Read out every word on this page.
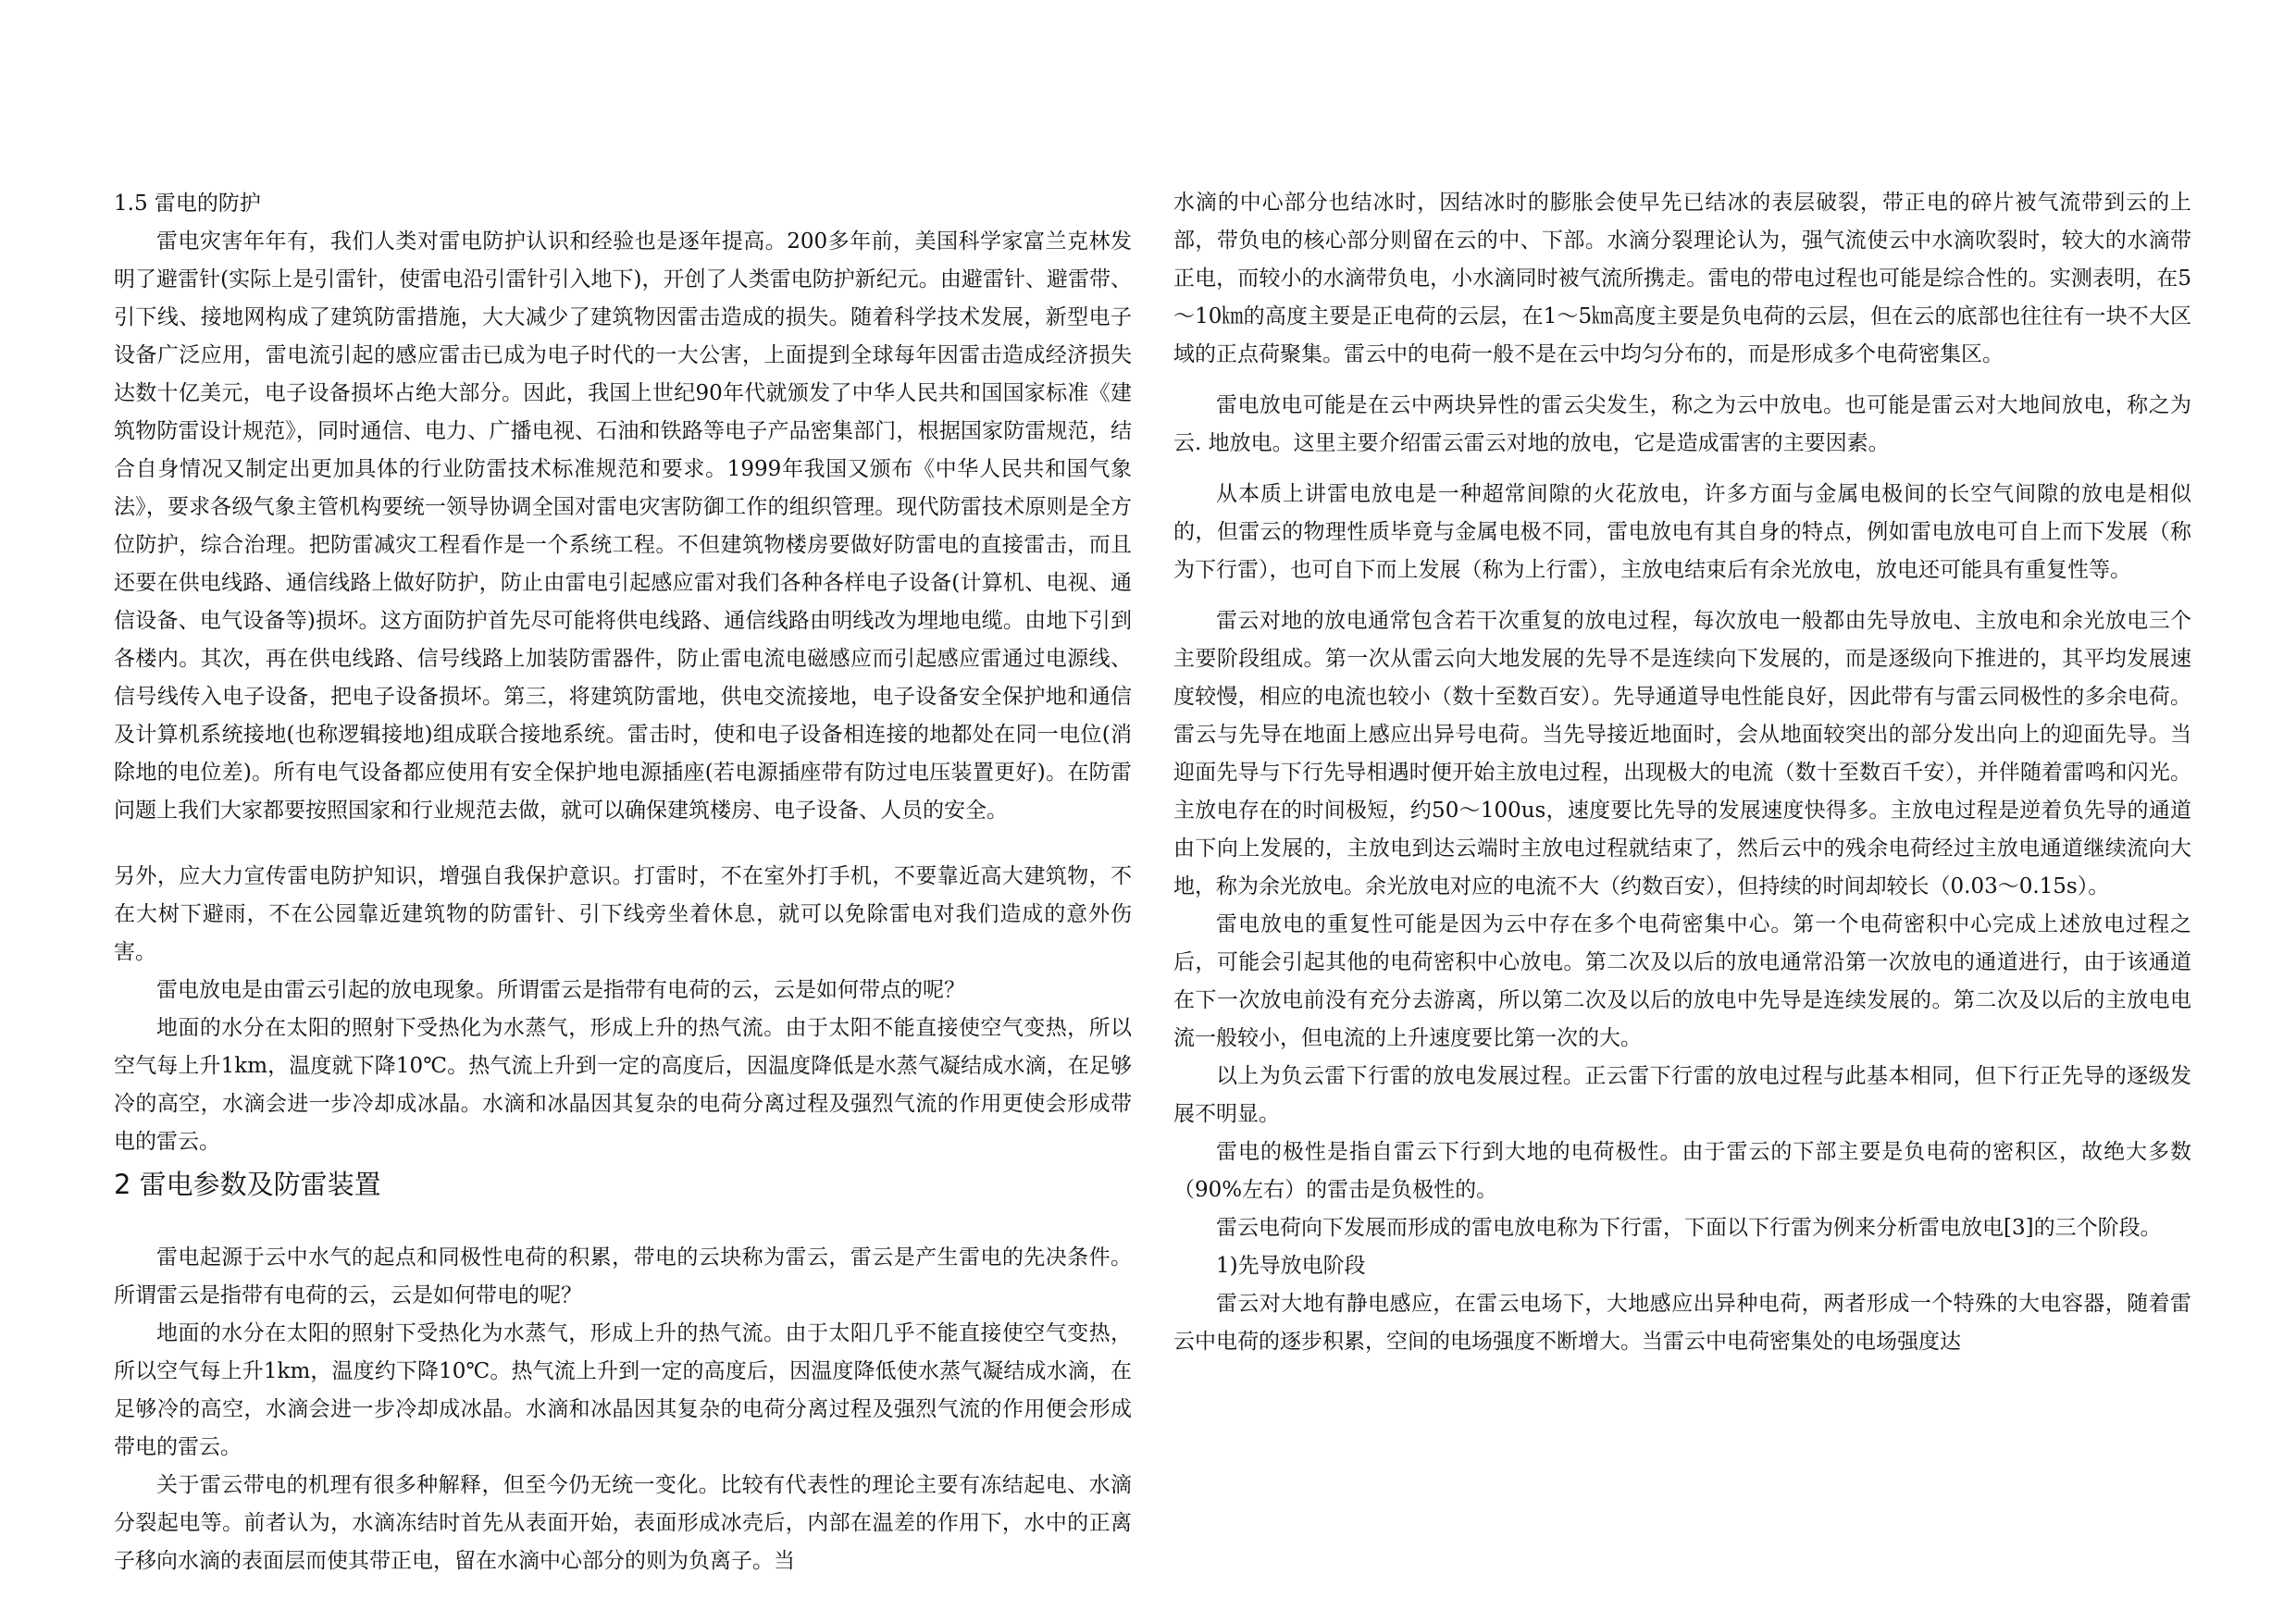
1.5 雷电的防护

雷电灾害年年有，我们人类对雷电防护认识和经验也是逐年提高。200多年前，美国科学家富兰克林发明了避雷针(实际上是引雷针，使雷电沿引雷针引入地下)，开创了人类雷电防护新纪元。由避雷针、避雷带、引下线、接地网构成了建筑防雷措施，大大减少了建筑物因雷击造成的损失。随着科学技术发展，新型电子设备广泛应用，雷电流引起的感应雷击已成为电子时代的一大公害，上面提到全球每年因雷击造成经济损失达数十亿美元，电子设备损坏占绝大部分。因此，我国上世纪90年代就颁发了中华人民共和国国家标准《建筑物防雷设计规范》，同时通信、电力、广播电视、石油和铁路等电子产品密集部门，根据国家防雷规范，结合自身情况又制定出更加具体的行业防雷技术标准规范和要求。1999年我国又颁布《中华人民共和国气象法》，要求各级气象主管机构要统一领导协调全国对雷电灾害防御工作的组织管理。现代防雷技术原则是全方位防护，综合治理。把防雷减灾工程看作是一个系统工程。不但建筑物楼房要做好防雷电的直接雷击，而且还要在供电线路、通信线路上做好防护，防止由雷电引起感应雷对我们各种各样电子设备(计算机、电视、通信设备、电气设备等)损坏。这方面防护首先尽可能将供电线路、通信线路由明线改为埋地电缆。由地下引到各楼内。其次，再在供电线路、信号线路上加装防雷器件，防止雷电流电磁感应而引起感应雷通过电源线、信号线传入电子设备，把电子设备损坏。第三，将建筑防雷地，供电交流接地，电子设备安全保护地和通信及计算机系统接地(也称逻辑接地)组成联合接地系统。雷击时，使和电子设备相连接的地都处在同一电位(消除地的电位差)。所有电气设备都应使用有安全保护地电源插座(若电源插座带有防过电压装置更好)。在防雷问题上我们大家都要按照国家和行业规范去做，就可以确保建筑楼房、电子设备、人员的安全。

另外，应大力宣传雷电防护知识，增强自我保护意识。打雷时，不在室外打手机，不要靠近高大建筑物，不在大树下避雨，不在公园靠近建筑物的防雷针、引下线旁坐着休息，就可以免除雷电对我们造成的意外伤害。

雷电放电是由雷云引起的放电现象。所谓雷云是指带有电荷的云，云是如何带点的呢？

地面的水分在太阳的照射下受热化为水蒸气，形成上升的热气流。由于太阳不能直接使空气变热，所以空气每上升1km，温度就下降10℃。热气流上升到一定的高度后，因温度降低是水蒸气凝结成水滴，在足够冷的高空，水滴会进一步冷却成冰晶。水滴和冰晶因其复杂的电荷分离过程及强烈气流的作用更使会形成带电的雷云。

2 雷电参数及防雷装置

雷电起源于云中水气的起点和同极性电荷的积累，带电的云块称为雷云，雷云是产生雷电的先决条件。所谓雷云是指带有电荷的云，云是如何带电的呢？

地面的水分在太阳的照射下受热化为水蒸气，形成上升的热气流。由于太阳几乎不能直接使空气变热，所以空气每上升1km，温度约下降10℃。热气流上升到一定的高度后，因温度降低使水蒸气凝结成水滴，在足够冷的高空，水滴会进一步冷却成冰晶。水滴和冰晶因其复杂的电荷分离过程及强烈气流的作用便会形成带电的雷云。

关于雷云带电的机理有很多种解释，但至今仍无统一变化。比较有代表性的理论主要有冻结起电、水滴分裂起电等。前者认为，水滴冻结时首先从表面开始，表面形成冰壳后，内部在温差的作用下，水中的正离子移向水滴的表面层而使其带正电，留在水滴中心部分的则为负离子。当

水滴的中心部分也结冰时，因结冰时的膨胀会使早先已结冰的表层破裂，带正电的碎片被气流带到云的上部，带负电的核心部分则留在云的中、下部。水滴分裂理论认为，强气流使云中水滴吹裂时，较大的水滴带正电，而较小的水滴带负电，小水滴同时被气流所携走。雷电的带电过程也可能是综合性的。实测表明，在5～10㎞的高度主要是正电荷的云层，在1～5㎞高度主要是负电荷的云层，但在云的底部也往往有一块不大区域的正点荷聚集。雷云中的电荷一般不是在云中均匀分布的，而是形成多个电荷密集区。

雷电放电可能是在云中两块异性的雷云尖发生，称之为云中放电。也可能是雷云对大地间放电，称之为云. 地放电。这里主要介绍雷云雷云对地的放电，它是造成雷害的主要因素。

从本质上讲雷电放电是一种超常间隙的火花放电，许多方面与金属电极间的长空气间隙的放电是相似的，但雷云的物理性质毕竟与金属电极不同，雷电放电有其自身的特点，例如雷电放电可自上而下发展（称为下行雷），也可自下而上发展（称为上行雷），主放电结束后有余光放电，放电还可能具有重复性等。

雷云对地的放电通常包含若干次重复的放电过程，每次放电一般都由先导放电、主放电和余光放电三个主要阶段组成。第一次从雷云向大地发展的先导不是连续向下发展的，而是逐级向下推进的，其平均发展速度较慢，相应的电流也较小（数十至数百安）。先导通道导电性能良好，因此带有与雷云同极性的多余电荷。雷云与先导在地面上感应出异号电荷。当先导接近地面时，会从地面较突出的部分发出向上的迎面先导。当迎面先导与下行先导相遇时便开始主放电过程，出现极大的电流（数十至数百千安），并伴随着雷鸣和闪光。主放电存在的时间极短，约50～100us，速度要比先导的发展速度快得多。主放电过程是逆着负先导的通道由下向上发展的，主放电到达云端时主放电过程就结束了，然后云中的残余电荷经过主放电通道继续流向大地，称为余光放电。余光放电对应的电流不大（约数百安），但持续的时间却较长（0.03～0.15s）。

雷电放电的重复性可能是因为云中存在多个电荷密集中心。第一个电荷密积中心完成上述放电过程之后，可能会引起其他的电荷密积中心放电。第二次及以后的放电通常沿第一次放电的通道进行，由于该通道在下一次放电前没有充分去游离，所以第二次及以后的放电中先导是连续发展的。第二次及以后的主放电电流一般较小，但电流的上升速度要比第一次的大。

以上为负云雷下行雷的放电发展过程。正云雷下行雷的放电过程与此基本相同，但下行正先导的逐级发展不明显。

雷电的极性是指自雷云下行到大地的电荷极性。由于雷云的下部主要是负电荷的密积区，故绝大多数（90%左右）的雷击是负极性的。

雷云电荷向下发展而形成的雷电放电称为下行雷，下面以下行雷为例来分析雷电放电[3]的三个阶段。

1)先导放电阶段

雷云对大地有静电感应，在雷云电场下，大地感应出异种电荷，两者形成一个特殊的大电容器，随着雷云中电荷的逐步积累，空间的电场强度不断增大。当雷云中电荷密集处的电场强度达
